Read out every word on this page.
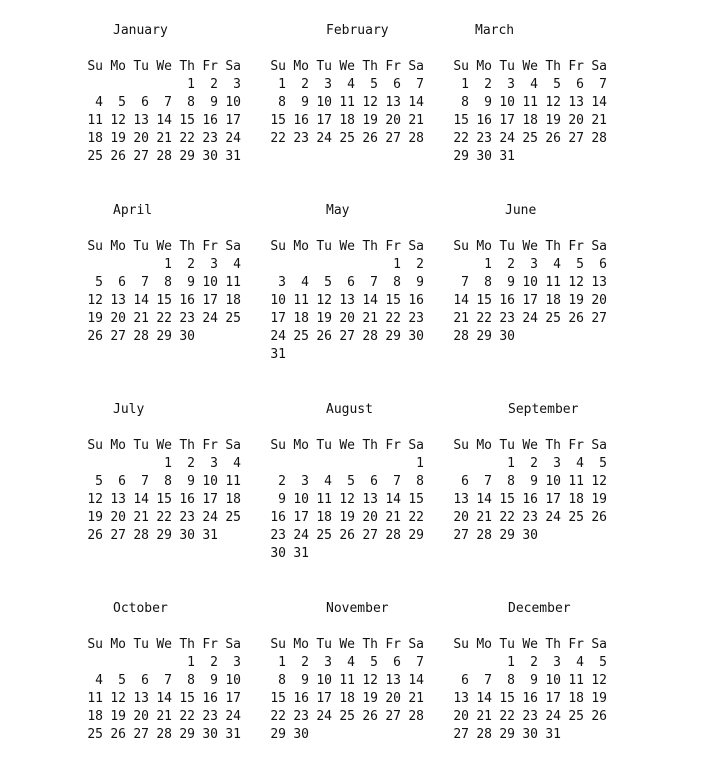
January
Su	Mo	Tu	We	Th	Fr	Sa
				1	2	3
4	5	6	7	8	9	10
11	12	13	14	15	16	17
18	19	20	21	22	23	24
25	26	27	28	29	30	31
February
Su	Mo	Tu	We	Th	Fr	Sa
1	2	3	4	5	6	7
8	9	10	11	12	13	14
15	16	17	18	19	20	21
22	23	24	25	26	27	28
March
Su	Mo	Tu	We	Th	Fr	Sa
1	2	3	4	5	6	7
8	9	10	11	12	13	14
15	16	17	18	19	20	21
22	23	24	25	26	27	28
29	30	31				
April
Su	Mo	Tu	We	Th	Fr	Sa
			1	2	3	4
5	6	7	8	9	10	11
12	13	14	15	16	17	18
19	20	21	22	23	24	25
26	27	28	29	30		
May
Su	Mo	Tu	We	Th	Fr	Sa
					1	2
3	4	5	6	7	8	9
10	11	12	13	14	15	16
17	18	19	20	21	22	23
24	25	26	27	28	29	30
31						
June
Su	Mo	Tu	We	Th	Fr	Sa
	1	2	3	4	5	6
7	8	9	10	11	12	13
14	15	16	17	18	19	20
21	22	23	24	25	26	27
28	29	30				
July
Su	Mo	Tu	We	Th	Fr	Sa
			1	2	3	4
5	6	7	8	9	10	11
12	13	14	15	16	17	18
19	20	21	22	23	24	25
26	27	28	29	30	31	
August
Su	Mo	Tu	We	Th	Fr	Sa
						1
2	3	4	5	6	7	8
9	10	11	12	13	14	15
16	17	18	19	20	21	22
23	24	25	26	27	28	29
30	31					
September
Su	Mo	Tu	We	Th	Fr	Sa
		1	2	3	4	5
6	7	8	9	10	11	12
13	14	15	16	17	18	19
20	21	22	23	24	25	26
27	28	29	30			
October
Su	Mo	Tu	We	Th	Fr	Sa
				1	2	3
4	5	6	7	8	9	10
11	12	13	14	15	16	17
18	19	20	21	22	23	24
25	26	27	28	29	30	31
November
Su	Mo	Tu	We	Th	Fr	Sa
1	2	3	4	5	6	7
8	9	10	11	12	13	14
15	16	17	18	19	20	21
22	23	24	25	26	27	28
29	30					
December
Su	Mo	Tu	We	Th	Fr	Sa
		1	2	3	4	5
6	7	8	9	10	11	12
13	14	15	16	17	18	19
20	21	22	23	24	25	26
27	28	29	30	31		
